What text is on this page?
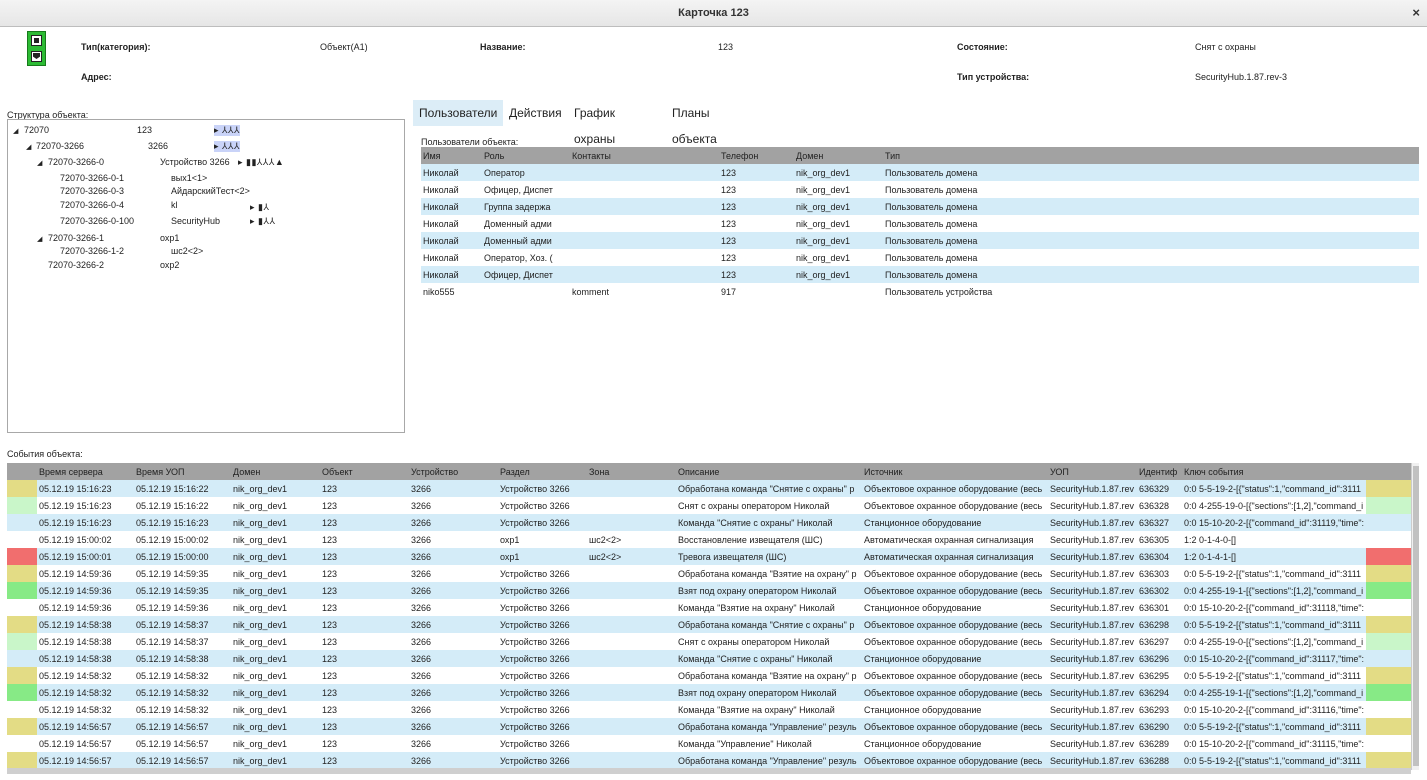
Карточка 123	×
Тип(категория):	Объект(A1)	Название:	123	Состояние:	Снят с охраны
Адрес:	Тип устройства:	SecurityHub.1.87.rev-3
Структура объекта:
◢ 72070	123	▸ ⅄⅄⅄
◢ 72070-3266	3266	▸ ⅄⅄⅄
◢ 72070-3266-0	Устройство 3266 ▸ ▮▮⅄⅄⅄▲
72070-3266-0-1	вых1<1>
72070-3266-0-3	АйдарскийТест<2>
72070-3266-0-4	kl	▸ ▮⅄
72070-3266-0-100	SecurityHub	▸ ▮⅄⅄
◢ 72070-3266-1	охр1
72070-3266-1-2	шс2<2>
72070-3266-2	охр2
Пользователи Действия	График охраны
Планы объекта
Пользователи объекта:
Имя	Роль	Контакты	Телефон	Домен	Тип
Николай	Оператор		123	nik_org_dev1	Пользователь домена
Николай	Офицер, Диспет		123	nik_org_dev1	Пользователь домена
Николай	Группа задержа		123	nik_org_dev1	Пользователь домена
Николай	Доменный адми		123	nik_org_dev1	Пользователь домена
Николай	Доменный адми		123	nik_org_dev1	Пользователь домена
Николай	Оператор, Хоз. (		123	nik_org_dev1	Пользователь домена
Николай	Офицер, Диспет		123	nik_org_dev1	Пользователь домена
niko555		komment	917		Пользователь устройства
События объекта:
	Время сервера	Время УОП	Домен	Объект	Устройство	Раздел	Зона	Описание	Источник	УОП	Идентиф	Ключ события	
	05.12.19 15:16:23	05.12.19 15:16:22	nik_org_dev1	123	3266	Устройство 3266		Обработана команда "Снятие с охраны" р	Объектовое охранное оборудование (весь	SecurityHub.1.87.rev	636329	0:0 5-5-19-2-[{"status":1,"command_id":3111	
	05.12.19 15:16:23	05.12.19 15:16:22	nik_org_dev1	123	3266	Устройство 3266		Снят с охраны оператором Николай	Объектовое охранное оборудование (весь	SecurityHub.1.87.rev	636328	0:0 4-255-19-0-[{"sections":[1,2],"command_i	
	05.12.19 15:16:23	05.12.19 15:16:23	nik_org_dev1	123	3266	Устройство 3266		Команда "Снятие с охраны" Николай	Станционное оборудование	SecurityHub.1.87.rev	636327	0:0 15-10-20-2-[{"command_id":31119,"time":	
	05.12.19 15:00:02	05.12.19 15:00:02	nik_org_dev1	123	3266	охр1	шс2<2>	Восстановление извещателя (ШС)	Автоматическая охранная сигнализация	SecurityHub.1.87.rev	636305	1:2 0-1-4-0-[]	
	05.12.19 15:00:01	05.12.19 15:00:00	nik_org_dev1	123	3266	охр1	шс2<2>	Тревога извещателя (ШС)	Автоматическая охранная сигнализация	SecurityHub.1.87.rev	636304	1:2 0-1-4-1-[]	
	05.12.19 14:59:36	05.12.19 14:59:35	nik_org_dev1	123	3266	Устройство 3266		Обработана команда "Взятие на охрану" р	Объектовое охранное оборудование (весь	SecurityHub.1.87.rev	636303	0:0 5-5-19-2-[{"status":1,"command_id":3111	
	05.12.19 14:59:36	05.12.19 14:59:35	nik_org_dev1	123	3266	Устройство 3266		Взят под охрану оператором Николай	Объектовое охранное оборудование (весь	SecurityHub.1.87.rev	636302	0:0 4-255-19-1-[{"sections":[1,2],"command_i	
	05.12.19 14:59:36	05.12.19 14:59:36	nik_org_dev1	123	3266	Устройство 3266		Команда "Взятие на охрану" Николай	Станционное оборудование	SecurityHub.1.87.rev	636301	0:0 15-10-20-2-[{"command_id":31118,"time":	
	05.12.19 14:58:38	05.12.19 14:58:37	nik_org_dev1	123	3266	Устройство 3266		Обработана команда "Снятие с охраны" р	Объектовое охранное оборудование (весь	SecurityHub.1.87.rev	636298	0:0 5-5-19-2-[{"status":1,"command_id":3111	
	05.12.19 14:58:38	05.12.19 14:58:37	nik_org_dev1	123	3266	Устройство 3266		Снят с охраны оператором Николай	Объектовое охранное оборудование (весь	SecurityHub.1.87.rev	636297	0:0 4-255-19-0-[{"sections":[1,2],"command_i	
	05.12.19 14:58:38	05.12.19 14:58:38	nik_org_dev1	123	3266	Устройство 3266		Команда "Снятие с охраны" Николай	Станционное оборудование	SecurityHub.1.87.rev	636296	0:0 15-10-20-2-[{"command_id":31117,"time":	
	05.12.19 14:58:32	05.12.19 14:58:32	nik_org_dev1	123	3266	Устройство 3266		Обработана команда "Взятие на охрану" р	Объектовое охранное оборудование (весь	SecurityHub.1.87.rev	636295	0:0 5-5-19-2-[{"status":1,"command_id":3111	
	05.12.19 14:58:32	05.12.19 14:58:32	nik_org_dev1	123	3266	Устройство 3266		Взят под охрану оператором Николай	Объектовое охранное оборудование (весь	SecurityHub.1.87.rev	636294	0:0 4-255-19-1-[{"sections":[1,2],"command_i	
	05.12.19 14:58:32	05.12.19 14:58:32	nik_org_dev1	123	3266	Устройство 3266		Команда "Взятие на охрану" Николай	Станционное оборудование	SecurityHub.1.87.rev	636293	0:0 15-10-20-2-[{"command_id":31116,"time":	
	05.12.19 14:56:57	05.12.19 14:56:57	nik_org_dev1	123	3266	Устройство 3266		Обработана команда "Управление" резуль	Объектовое охранное оборудование (весь	SecurityHub.1.87.rev	636290	0:0 5-5-19-2-[{"status":1,"command_id":3111	
	05.12.19 14:56:57	05.12.19 14:56:57	nik_org_dev1	123	3266	Устройство 3266		Команда "Управление" Николай	Станционное оборудование	SecurityHub.1.87.rev	636289	0:0 15-10-20-2-[{"command_id":31115,"time":	
	05.12.19 14:56:57	05.12.19 14:56:57	nik_org_dev1	123	3266	Устройство 3266		Обработана команда "Управление" резуль	Объектовое охранное оборудование (весь	SecurityHub.1.87.rev	636288	0:0 5-5-19-2-[{"status":1,"command_id":3111	
